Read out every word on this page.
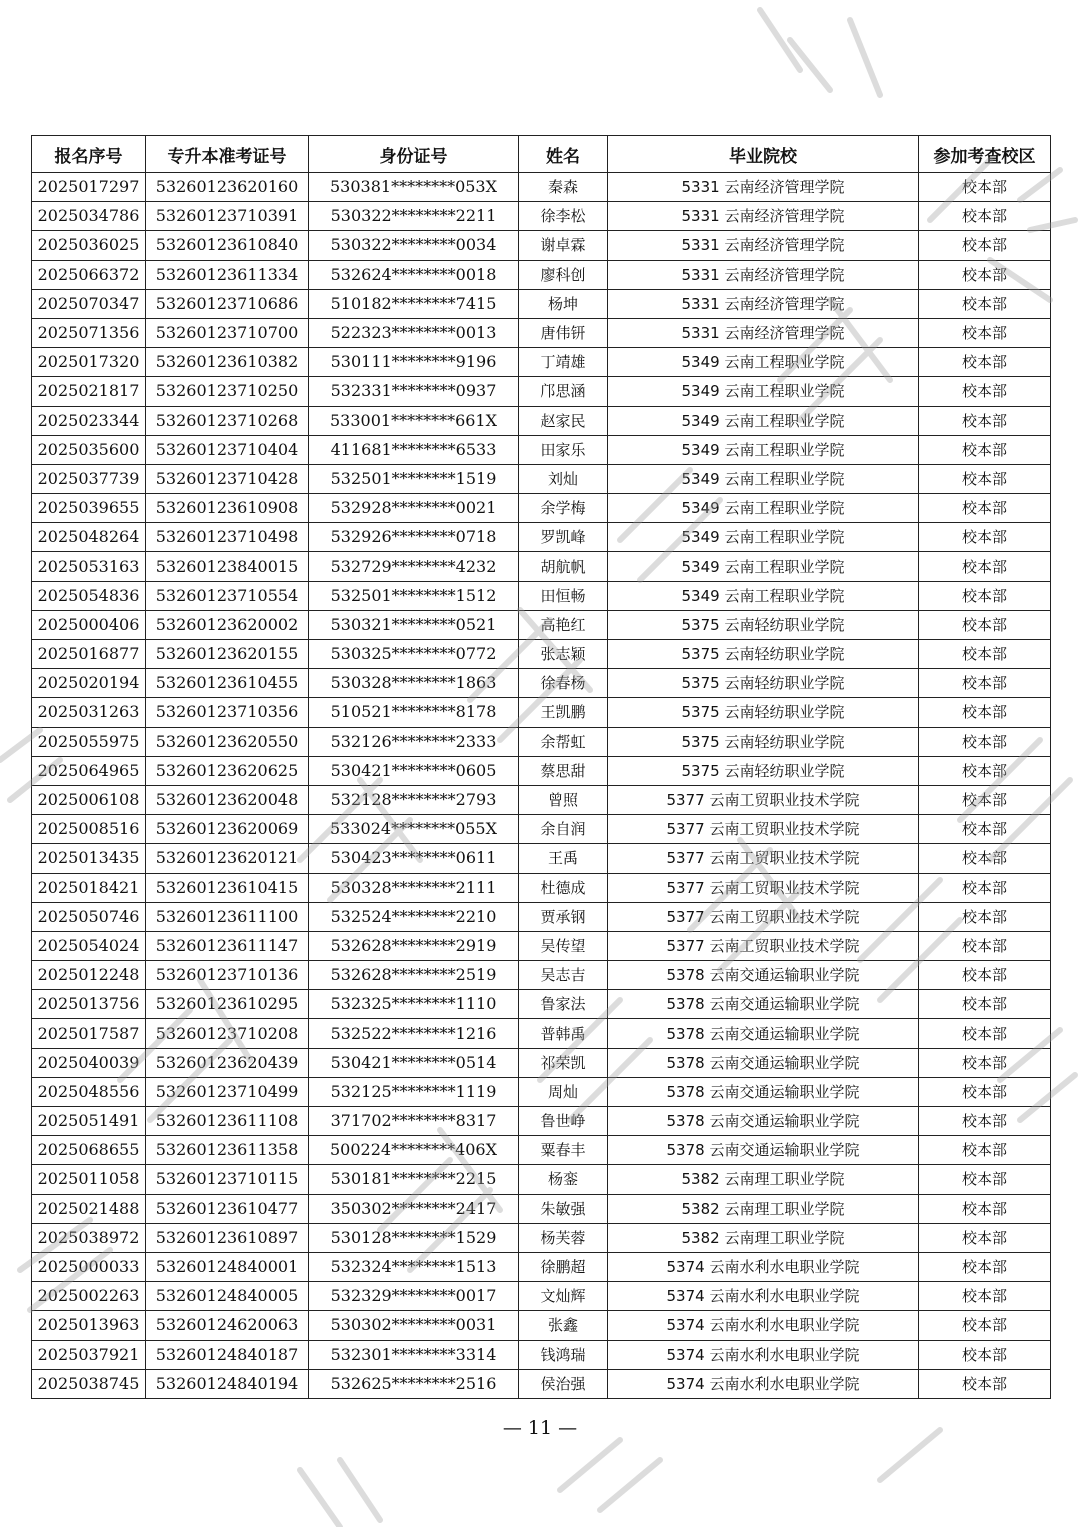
报名序号	专升本准考证号	身份证号	姓名	毕业院校	参加考查校区
2025017297	53260123620160	530381********053X	秦森	5331 云南经济管理学院	校本部
2025034786	53260123710391	530322********2211	徐李松	5331 云南经济管理学院	校本部
2025036025	53260123610840	530322********0034	谢卓霖	5331 云南经济管理学院	校本部
2025066372	53260123611334	532624********0018	廖科创	5331 云南经济管理学院	校本部
2025070347	53260123710686	510182********7415	杨坤	5331 云南经济管理学院	校本部
2025071356	53260123710700	522323********0013	唐伟钘	5331 云南经济管理学院	校本部
2025017320	53260123610382	530111********9196	丁靖雄	5349 云南工程职业学院	校本部
2025021817	53260123710250	532331********0937	邝思涵	5349 云南工程职业学院	校本部
2025023344	53260123710268	533001********661X	赵家民	5349 云南工程职业学院	校本部
2025035600	53260123710404	411681********6533	田家乐	5349 云南工程职业学院	校本部
2025037739	53260123710428	532501********1519	刘灿	5349 云南工程职业学院	校本部
2025039655	53260123610908	532928********0021	余学梅	5349 云南工程职业学院	校本部
2025048264	53260123710498	532926********0718	罗凯峰	5349 云南工程职业学院	校本部
2025053163	53260123840015	532729********4232	胡航帆	5349 云南工程职业学院	校本部
2025054836	53260123710554	532501********1512	田恒畅	5349 云南工程职业学院	校本部
2025000406	53260123620002	530321********0521	高艳红	5375 云南轻纺职业学院	校本部
2025016877	53260123620155	530325********0772	张志颖	5375 云南轻纺职业学院	校本部
2025020194	53260123610455	530328********1863	徐春杨	5375 云南轻纺职业学院	校本部
2025031263	53260123710356	510521********8178	王凯鹏	5375 云南轻纺职业学院	校本部
2025055975	53260123620550	532126********2333	余帮虹	5375 云南轻纺职业学院	校本部
2025064965	53260123620625	530421********0605	蔡思甜	5375 云南轻纺职业学院	校本部
2025006108	53260123620048	532128********2793	曾照	5377 云南工贸职业技术学院	校本部
2025008516	53260123620069	533024********055X	余自润	5377 云南工贸职业技术学院	校本部
2025013435	53260123620121	530423********0611	王禹	5377 云南工贸职业技术学院	校本部
2025018421	53260123610415	530328********2111	杜德成	5377 云南工贸职业技术学院	校本部
2025050746	53260123611100	532524********2210	贾承钢	5377 云南工贸职业技术学院	校本部
2025054024	53260123611147	532628********2919	吴传望	5377 云南工贸职业技术学院	校本部
2025012248	53260123710136	532628********2519	吴志吉	5378 云南交通运输职业学院	校本部
2025013756	53260123610295	532325********1110	鲁家法	5378 云南交通运输职业学院	校本部
2025017587	53260123710208	532522********1216	普韩禹	5378 云南交通运输职业学院	校本部
2025040039	53260123620439	530421********0514	祁荣凯	5378 云南交通运输职业学院	校本部
2025048556	53260123710499	532125********1119	周灿	5378 云南交通运输职业学院	校本部
2025051491	53260123611108	371702********8317	鲁世峥	5378 云南交通运输职业学院	校本部
2025068655	53260123611358	500224********406X	粟春丰	5378 云南交通运输职业学院	校本部
2025011058	53260123710115	530181********2215	杨銮	5382 云南理工职业学院	校本部
2025021488	53260123610477	350302********2417	朱敏强	5382 云南理工职业学院	校本部
2025038972	53260123610897	530128********1529	杨芙蓉	5382 云南理工职业学院	校本部
2025000033	53260124840001	532324********1513	徐鹏超	5374 云南水利水电职业学院	校本部
2025002263	53260124840005	532329********0017	文灿辉	5374 云南水利水电职业学院	校本部
2025013963	53260124620063	530302********0031	张鑫	5374 云南水利水电职业学院	校本部
2025037921	53260124840187	532301********3314	钱鸿瑞	5374 云南水利水电职业学院	校本部
2025038745	53260124840194	532625********2516	侯治强	5374 云南水利水电职业学院	校本部
— 11 —
